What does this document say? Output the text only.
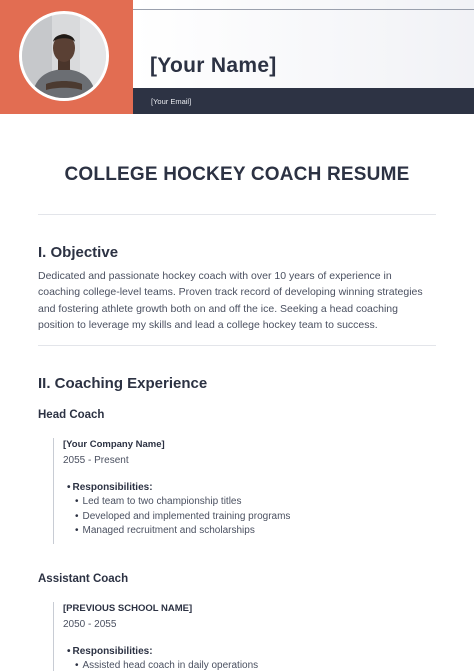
[Your Name]
[Your Email]
COLLEGE HOCKEY COACH RESUME
I. Objective
Dedicated and passionate hockey coach with over 10 years of experience in coaching college-level teams. Proven track record of developing winning strategies and fostering athlete growth both on and off the ice. Seeking a head coaching position to leverage my skills and lead a college hockey team to success.
II. Coaching Experience
Head Coach
[Your Company Name]
2055 - Present
• Responsibilities:
• Led team to two championship titles
• Developed and implemented training programs
• Managed recruitment and scholarships
Assistant Coach
[PREVIOUS SCHOOL NAME]
2050 - 2055
• Responsibilities:
• Assisted head coach in daily operations
